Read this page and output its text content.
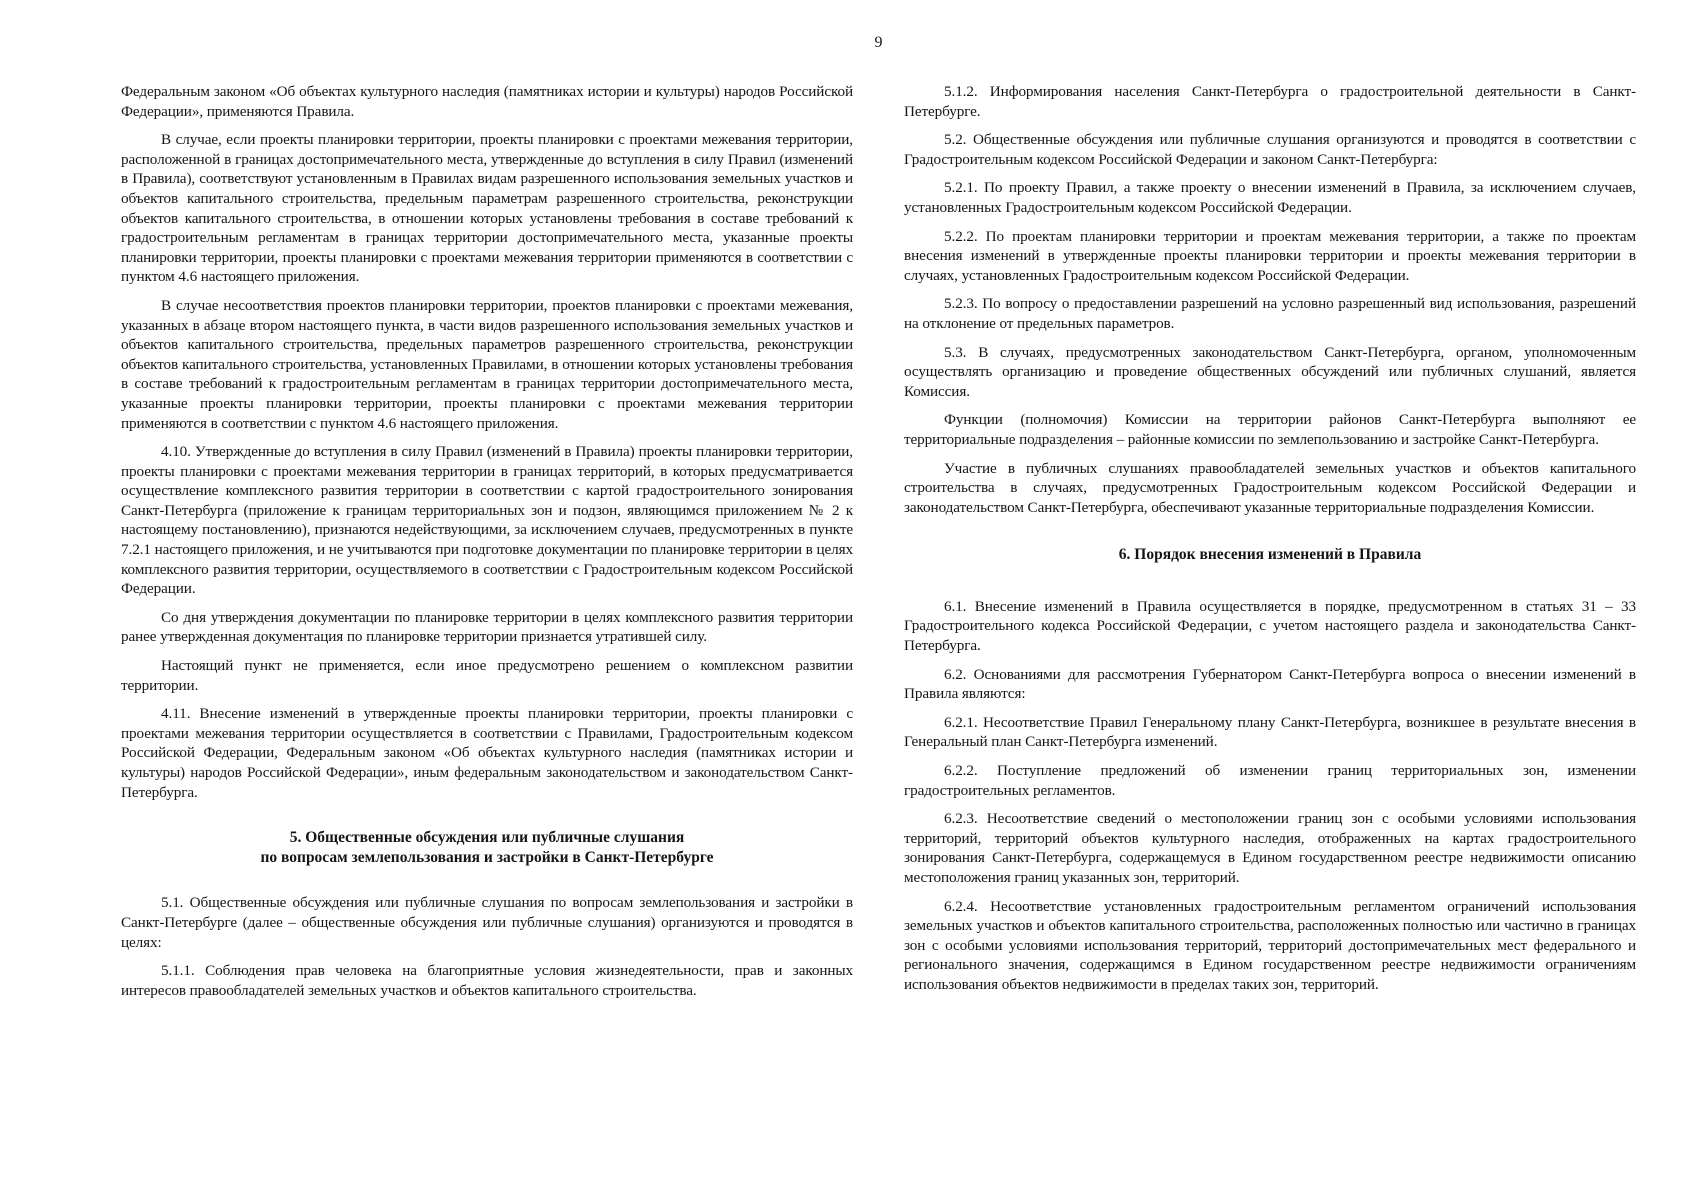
9

Федеральным законом «Об объектах культурного наследия (памятниках истории и культуры) народов Российской Федерации», применяются Правила.

В случае, если проекты планировки территории, проекты планировки с проектами межевания территории, расположенной в границах достопримечательного места, утвержденные до вступления в силу Правил (изменений в Правила), соответствуют установленным в Правилах видам разрешенного использования земельных участков и объектов капитального строительства, предельным параметрам разрешенного строительства, реконструкции объектов капитального строительства, в отношении которых установлены требования в составе требований к градостроительным регламентам в границах территории достопримечательного места, указанные проекты планировки территории, проекты планировки с проектами межевания территории применяются в соответствии с пунктом 4.6 настоящего приложения.

В случае несоответствия проектов планировки территории, проектов планировки с проектами межевания, указанных в абзаце втором настоящего пункта, в части видов разрешенного использования земельных участков и объектов капитального строительства, предельных параметров разрешенного строительства, реконструкции объектов капитального строительства, установленных Правилами, в отношении которых установлены требования в составе требований к градостроительным регламентам в границах территории достопримечательного места, указанные проекты планировки территории, проекты планировки с проектами межевания территории применяются в соответствии с пунктом 4.6 настоящего приложения.

4.10. Утвержденные до вступления в силу Правил (изменений в Правила) проекты планировки территории, проекты планировки с проектами межевания территории в границах территорий, в которых предусматривается осуществление комплексного развития территории в соответствии с картой градостроительного зонирования Санкт-Петербурга (приложение к границам территориальных зон и подзон, являющимся приложением № 2 к настоящему постановлению), признаются недействующими, за исключением случаев, предусмотренных в пункте 7.2.1 настоящего приложения, и не учитываются при подготовке документации по планировке территории в целях комплексного развития территории, осуществляемого в соответствии с Градостроительным кодексом Российской Федерации.

Со дня утверждения документации по планировке территории в целях комплексного развития территории ранее утвержденная документация по планировке территории признается утратившей силу.

Настоящий пункт не применяется, если иное предусмотрено решением о комплексном развитии территории.

4.11. Внесение изменений в утвержденные проекты планировки территории, проекты планировки с проектами межевания территории осуществляется в соответствии с Правилами, Градостроительным кодексом Российской Федерации, Федеральным законом «Об объектах культурного наследия (памятниках истории и культуры) народов Российской Федерации», иным федеральным законодательством и законодательством Санкт-Петербурга.

5. Общественные обсуждения или публичные слушания
по вопросам землепользования и застройки в Санкт-Петербурге

5.1. Общественные обсуждения или публичные слушания по вопросам землепользования и застройки в Санкт-Петербурге (далее – общественные обсуждения или публичные слушания) организуются и проводятся в целях:

5.1.1. Соблюдения прав человека на благоприятные условия жизнедеятельности, прав и законных интересов правообладателей земельных участков и объектов капитального строительства.

5.1.2. Информирования населения Санкт-Петербурга о градостроительной деятельности в Санкт-Петербурге.

5.2. Общественные обсуждения или публичные слушания организуются и проводятся в соответствии с Градостроительным кодексом Российской Федерации и законом Санкт-Петербурга:

5.2.1. По проекту Правил, а также проекту о внесении изменений в Правила, за исключением случаев, установленных Градостроительным кодексом Российской Федерации.

5.2.2. По проектам планировки территории и проектам межевания территории, а также по проектам внесения изменений в утвержденные проекты планировки территории и проекты межевания территории в случаях, установленных Градостроительным кодексом Российской Федерации.

5.2.3. По вопросу о предоставлении разрешений на условно разрешенный вид использования, разрешений на отклонение от предельных параметров.

5.3. В случаях, предусмотренных законодательством Санкт-Петербурга, органом, уполномоченным осуществлять организацию и проведение общественных обсуждений или публичных слушаний, является Комиссия.

Функции (полномочия) Комиссии на территории районов Санкт-Петербурга выполняют ее территориальные подразделения – районные комиссии по землепользованию и застройке Санкт-Петербурга.

Участие в публичных слушаниях правообладателей земельных участков и объектов капитального строительства в случаях, предусмотренных Градостроительным кодексом Российской Федерации и законодательством Санкт-Петербурга, обеспечивают указанные территориальные подразделения Комиссии.

6. Порядок внесения изменений в Правила

6.1. Внесение изменений в Правила осуществляется в порядке, предусмотренном в статьях 31 – 33 Градостроительного кодекса Российской Федерации, с учетом настоящего раздела и законодательства Санкт-Петербурга.

6.2. Основаниями для рассмотрения Губернатором Санкт-Петербурга вопроса о внесении изменений в Правила являются:

6.2.1. Несоответствие Правил Генеральному плану Санкт-Петербурга, возникшее в результате внесения в Генеральный план Санкт-Петербурга изменений.

6.2.2. Поступление предложений об изменении границ территориальных зон, изменении градостроительных регламентов.

6.2.3. Несоответствие сведений о местоположении границ зон с особыми условиями использования территорий, территорий объектов культурного наследия, отображенных на картах градостроительного зонирования Санкт-Петербурга, содержащемуся в Едином государственном реестре недвижимости описанию местоположения границ указанных зон, территорий.

6.2.4. Несоответствие установленных градостроительным регламентом ограничений использования земельных участков и объектов капитального строительства, расположенных полностью или частично в границах зон с особыми условиями использования территорий, территорий достопримечательных мест федерального и регионального значения, содержащимся в Едином государственном реестре недвижимости ограничениям использования объектов недвижимости в пределах таких зон, территорий.
